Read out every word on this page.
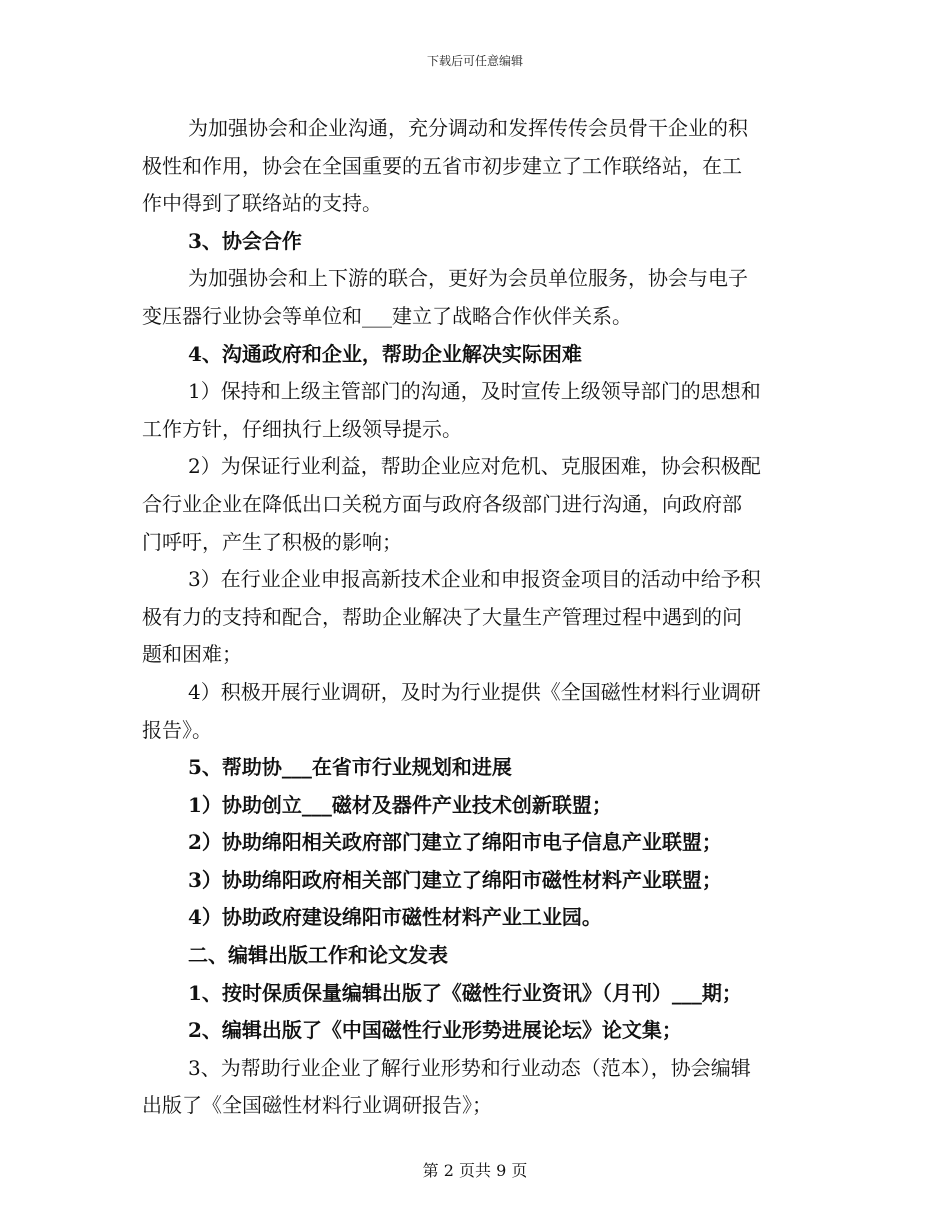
下载后可任意编辑
为加强协会和企业沟通，充分调动和发挥传传会员骨干企业的积
极性和作用，协会在全国重要的五省市初步建立了工作联络站，在工
作中得到了联络站的支持。
3、协会合作
为加强协会和上下游的联合，更好为会员单位服务，协会与电子
变压器行业协会等单位和___建立了战略合作伙伴关系。
4、沟通政府和企业，帮助企业解决实际困难
1）保持和上级主管部门的沟通，及时宣传上级领导部门的思想和
工作方针，仔细执行上级领导提示。
2）为保证行业利益，帮助企业应对危机、克服困难，协会积极配
合行业企业在降低出口关税方面与政府各级部门进行沟通，向政府部
门呼吁，产生了积极的影响；
3）在行业企业申报高新技术企业和申报资金项目的活动中给予积
极有力的支持和配合，帮助企业解决了大量生产管理过程中遇到的问
题和困难；
4）积极开展行业调研，及时为行业提供《全国磁性材料行业调研
报告》。
5、帮助协___在省市行业规划和进展
1）协助创立___磁材及器件产业技术创新联盟；
2）协助绵阳相关政府部门建立了绵阳市电子信息产业联盟；
3）协助绵阳政府相关部门建立了绵阳市磁性材料产业联盟；
4）协助政府建设绵阳市磁性材料产业工业园。
二、编辑出版工作和论文发表
1、按时保质保量编辑出版了《磁性行业资讯》（月刊）___期；
2、编辑出版了《中国磁性行业形势进展论坛》论文集；
3、为帮助行业企业了解行业形势和行业动态（范本），协会编辑
出版了《全国磁性材料行业调研报告》；
第 2 页共 9 页
